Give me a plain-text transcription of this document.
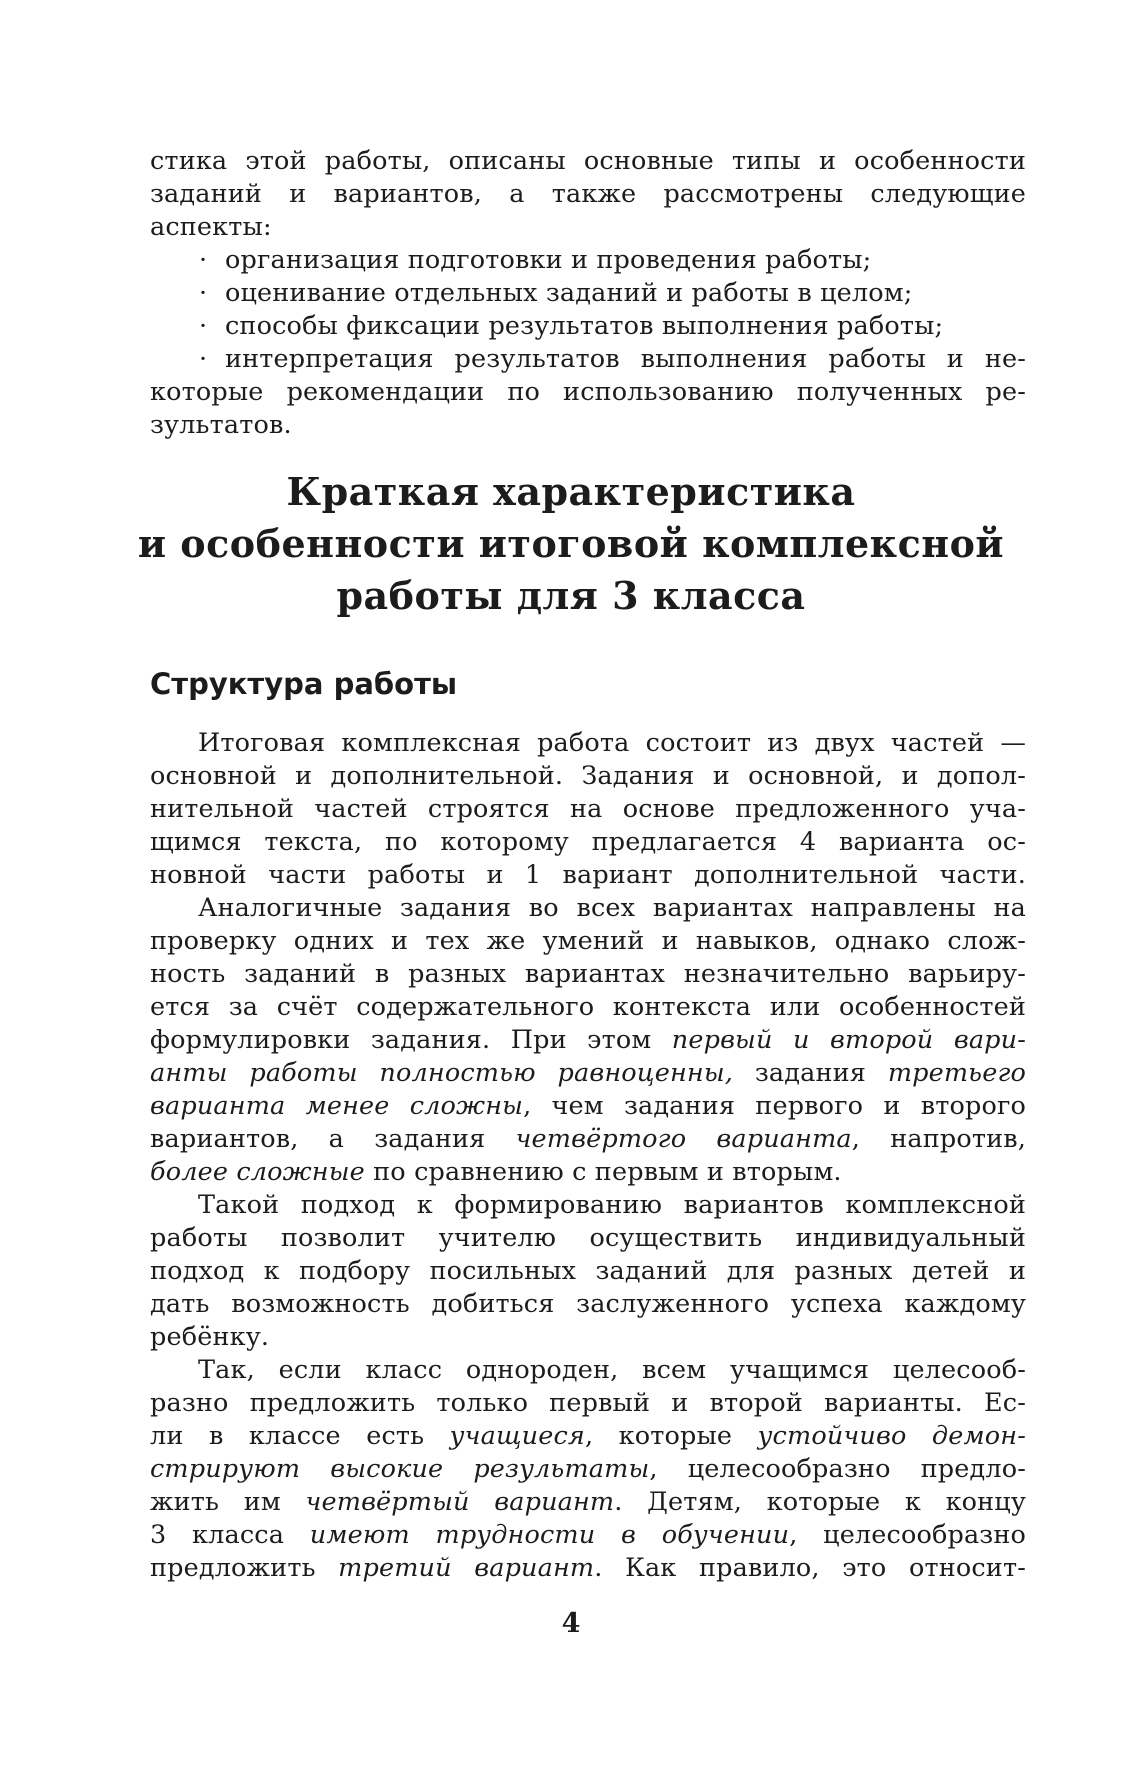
стика этой работы, описаны основные типы и особенности
заданий и вариантов, а также рассмотрены следующие
аспекты:
· организация подготовки и проведения работы;
· оценивание отдельных заданий и работы в целом;
· способы фиксации результатов выполнения работы;
· интерпретация результатов выполнения работы и не-
которые рекомендации по использованию полученных ре-
зультатов.
Краткая характеристика
и особенности итоговой комплексной
работы для 3 класса
Структура работы
Итоговая комплексная работа состоит из двух частей —
основной и дополнительной. Задания и основной, и допол-
нительной частей строятся на основе предложенного уча-
щимся текста, по которому предлагается 4 варианта ос-
новной части работы и 1 вариант дополнительной части.
Аналогичные задания во всех вариантах направлены на
проверку одних и тех же умений и навыков, однако слож-
ность заданий в разных вариантах незначительно варьиру-
ется за счёт содержательного контекста или особенностей
формулировки задания. При этом первый и второй вари-
анты работы полностью равноценны, задания третьего
варианта менее сложны, чем задания первого и второго
вариантов, а задания четвёртого варианта, напротив,
более сложные по сравнению с первым и вторым.
Такой подход к формированию вариантов комплексной
работы позволит учителю осуществить индивидуальный
подход к подбору посильных заданий для разных детей и
дать возможность добиться заслуженного успеха каждому
ребёнку.
Так, если класс однороден, всем учащимся целесооб-
разно предложить только первый и второй варианты. Ес-
ли в классе есть учащиеся, которые устойчиво демон-
стрируют высокие результаты, целесообразно предло-
жить им четвёртый вариант. Детям, которые к концу
3 класса имеют трудности в обучении, целесообразно
предложить третий вариант. Как правило, это относит-
4
